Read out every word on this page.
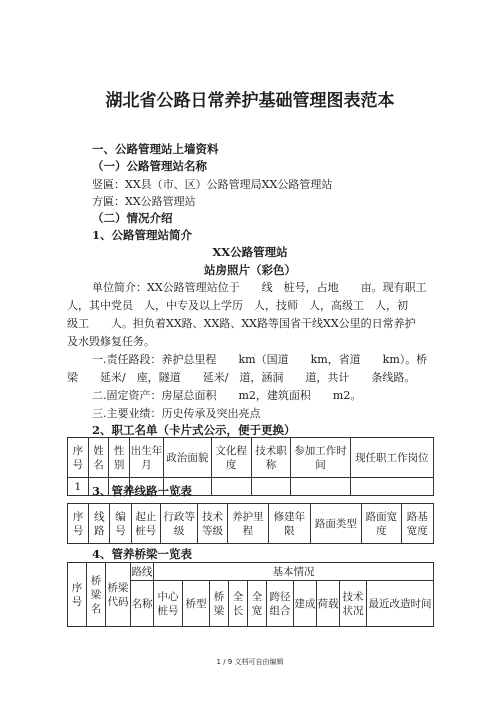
湖北省公路日常养护基础管理图表范本
一、公路管理站上墙资料
（一）公路管理站名称
竖匾：XX县（市、区）公路管理局XX公路管理站
方匾：XX公路管理站
（二）情况介绍
1、公路管理站简介
XX公路管理站
站房照片（彩色）
单位简介：XX公路管理站位于　　线　桩号，占地　　亩。现有职工
人，其中党员　人，中专及以上学历　人，技师　人，高级工　人，初
级工　　人。担负着XX路、XX路、XX路等国省干线XX公里的日常养护
及水毁修复任务。
一.责任路段：养护总里程　　km（国道　　km，省道　　km）。桥
梁　　延米/　座，隧道　　延米/　道，涵洞　　道，共计　　条线路。
二.固定资产：房屋总面积　　m2，建筑面积　　m2。
三.主要业绩：历史传承及突出亮点
2、职工名单（卡片式公示，便于更换）
序号	姓名	性别	出生年月	政治面貌	文化程度	技术职称	参加工作时间	现任职工作岗位
1								3、管养线路一览表
序号	线路	编号	起止桩号	行政等级	技术等级	养护里程	修建年限	路面类型	路面宽度	路基宽度
4、管养桥梁一览表
序号	桥梁名	桥梁代码	路线	基本情况									
			名称	中心桩号	桥型	桥梁	全长	全宽	跨径组合	建成	荷载	技术状况	最近改造时间
1 / 9 文档可自由编辑
